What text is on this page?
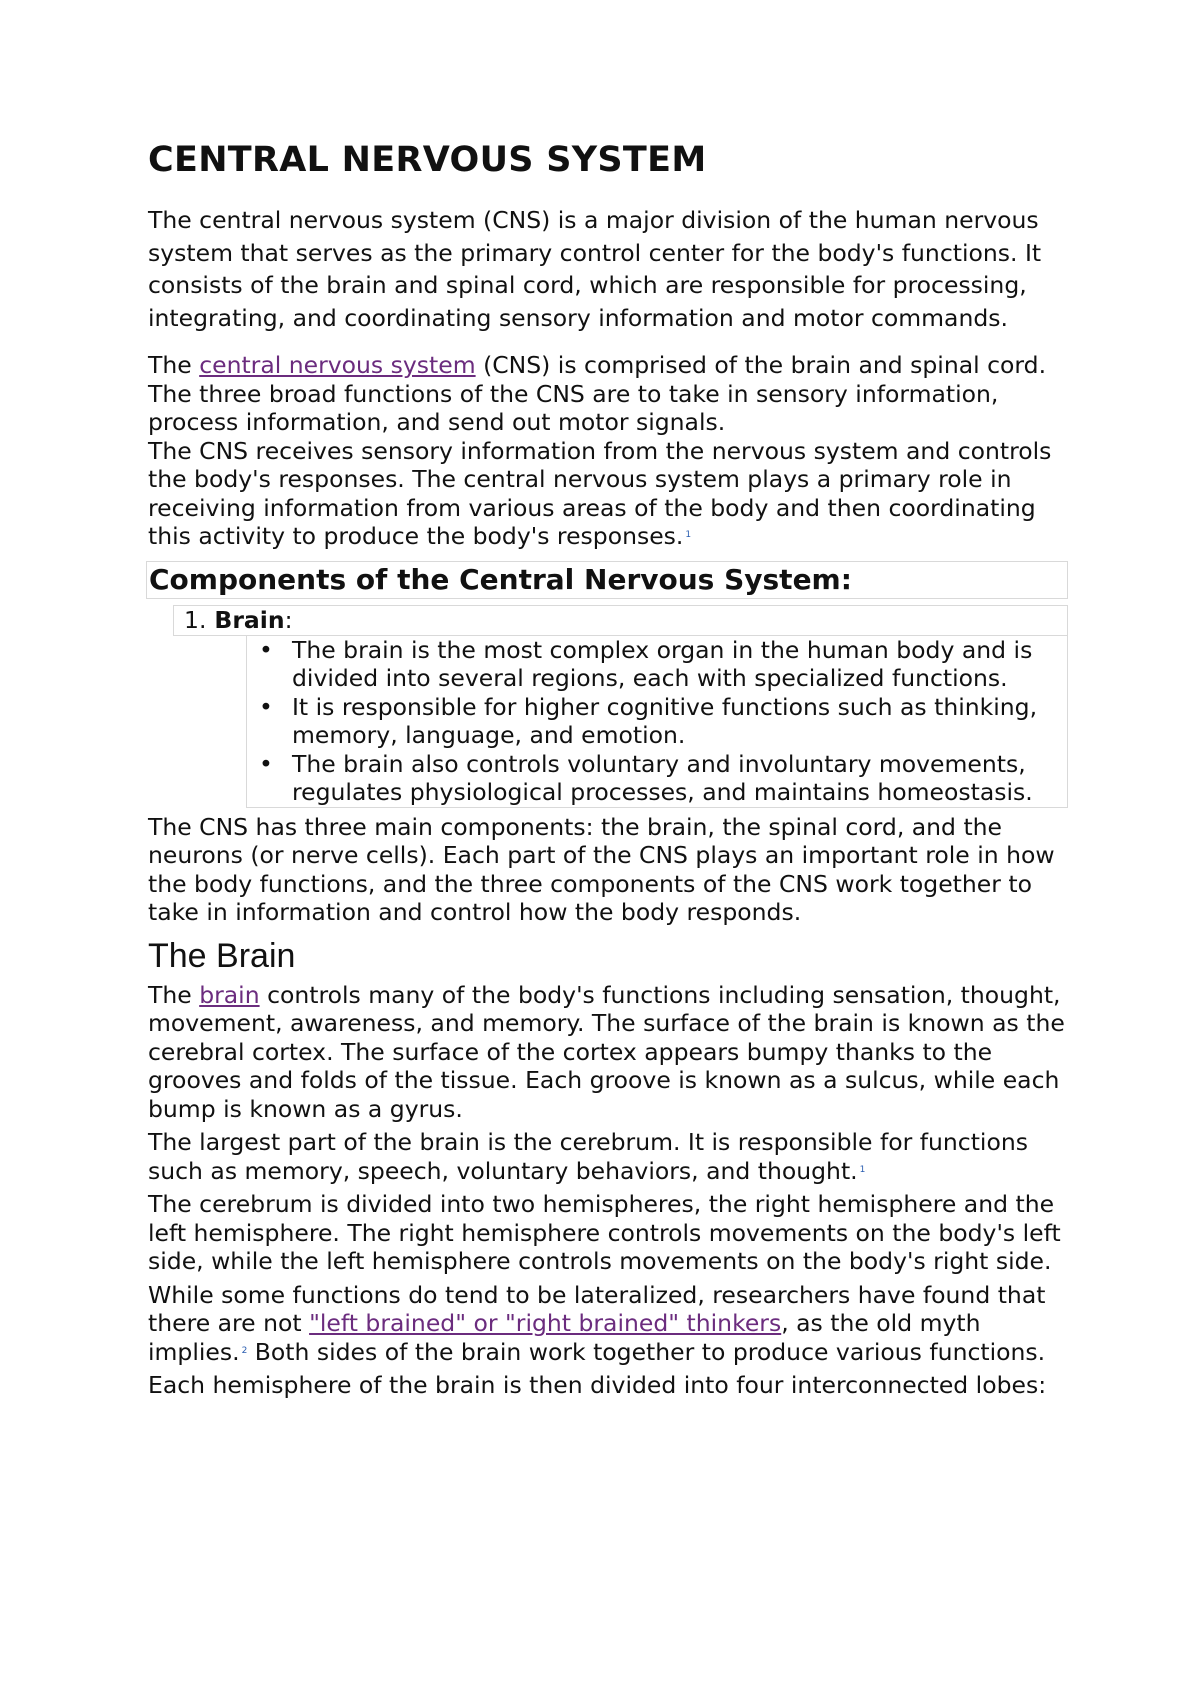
CENTRAL NERVOUS SYSTEM

The central nervous system (CNS) is a major division of the human nervous system that serves as the primary control center for the body's functions. It consists of the brain and spinal cord, which are responsible for processing, integrating, and coordinating sensory information and motor commands.

The central nervous system (CNS) is comprised of the brain and spinal cord. The three broad functions of the CNS are to take in sensory information, process information, and send out motor signals.

The CNS receives sensory information from the nervous system and controls the body's responses. The central nervous system plays a primary role in receiving information from various areas of the body and then coordinating this activity to produce the body's responses. $^1$

Components of the Central Nervous System:
1. Brain:
• The brain is the most complex organ in the human body and is divided into several regions, each with specialized functions.
• It is responsible for higher cognitive functions such as thinking, memory, language, and emotion.
• The brain also controls voluntary and involuntary movements, regulates physiological processes, and maintains homeostasis.

The CNS has three main components: the brain, the spinal cord, and the neurons (or nerve cells). Each part of the CNS plays an important role in how the body functions, and the three components of the CNS work together to take in information and control how the body responds.

The Brain

The brain controls many of the body's functions including sensation, thought, movement, awareness, and memory. The surface of the brain is known as the cerebral cortex. The surface of the cortex appears bumpy thanks to the grooves and folds of the tissue. Each groove is known as a sulcus, while each bump is known as a gyrus.

The largest part of the brain is the cerebrum. It is responsible for functions such as memory, speech, voluntary behaviors, and thought. $^1$

The cerebrum is divided into two hemispheres, the right hemisphere and the left hemisphere. The right hemisphere controls movements on the body's left side, while the left hemisphere controls movements on the body's right side.

While some functions do tend to be lateralized, researchers have found that there are not "left brained" or "right brained" thinkers, as the old myth implies. $^2$ Both sides of the brain work together to produce various functions.

Each hemisphere of the brain is then divided into four interconnected lobes:
